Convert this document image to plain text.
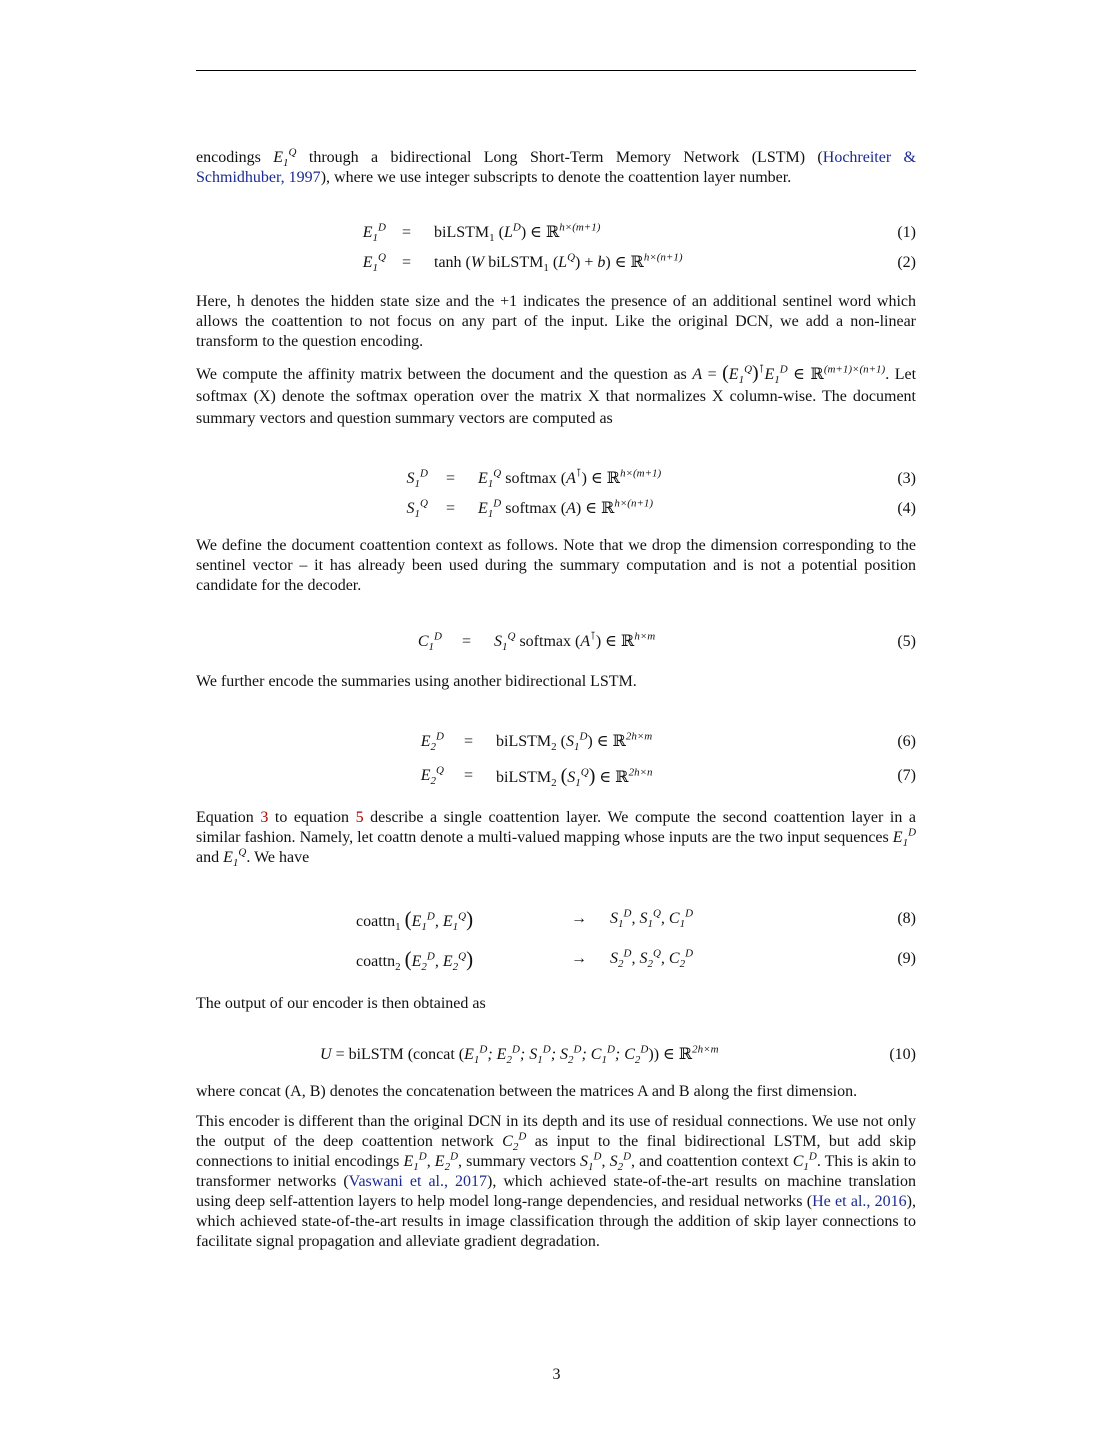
encodings $E_1^Q$ through a bidirectional Long Short-Term Memory Network (LSTM) (Hochreiter & Schmidhuber, 1997), where we use integer subscripts to denote the coattention layer number.

$E_1^D$ = biLSTM$_1$ $(L^D)$ ∈ ℝ$^{h\times(m+1)}$	(1)
$E_1^Q = \tanh (W$ biLSTM$_1$ $(L^Q) + b$) ∈ ℝ$^{h\times(n+1)}$	(2)

Here, h denotes the hidden state size and the +1 indicates the presence of an additional sentinel word which allows the coattention to not focus on any part of the input. Like the original DCN, we add a non-linear transform to the question encoding.

We compute the affinity matrix between the document and the question as $A = (E_1^Q)^⊺E_1^D$ ∈ ℝ$^{(m+1)\times(n+1)}$. Let softmax (X) denote the softmax operation over the matrix X that normalizes X column-wise. The document summary vectors and question summary vectors are computed as

$S_1^D = E_1^Q$ softmax (A⊺) ∈ ℝ$^{h\times(m+1)}$	(3)
$S_1^Q = E_1^D$ softmax (A) ∈ ℝ$^{h\times(n+1)}$	(4)

We define the document coattention context as follows. Note that we drop the dimension corresponding to the sentinel vector – it has already been used during the summary computation and is not a potential position candidate for the decoder.

$C_1^D = S_1^Q$ softmax (A⊺) ∈ ℝ$^{h\times m}$	(5)

We further encode the summaries using another bidirectional LSTM.

$E_2^D$ = biLSTM$_2$ $(S_1^D)$ ∈ ℝ$^{2h\times m}$	(6)
$E_2^Q$ = biLSTM$_2$ $(S_1^Q)$ ∈ ℝ$^{2h\times n}$	(7)

Equation 3 to equation 5 describe a single coattention layer. We compute the second coattention layer in a similar fashion. Namely, let coattn denote a multi-valued mapping whose inputs are the two input sequences $E_1^D$ and $E_1^Q$. We have

coattn$_1$ ($E_1^D$, $E_1^Q$)	→ $S_1^D$, $S_1^Q$, $C_1^D$	(8)
coattn$_2$ ($E_2^D$, $E_2^Q$)	→ $S_2^D$, $S_2^Q$, $C_2^D$	(9)

The output of our encoder is then obtained as

U = biLSTM (concat ($E_1^D$; $E_2^D$; $S_1^D$; $S_2^D$; $C_1^D$; $C_2^D$)) ∈ ℝ$^{2h\times m}$	(10)

where concat (A, B) denotes the concatenation between the matrices A and B along the first dimension.

This encoder is different than the original DCN in its depth and its use of residual connections. We use not only the output of the deep coattention network $C_2^D$ as input to the final bidirectional LSTM, but add skip connections to initial encodings $E_1^D$, $E_2^D$, summary vectors $S_1^D$, $S_2^D$, and coattention context $C_1^D$. This is akin to transformer networks (Vaswani et al., 2017), which achieved state-of-the-art results on machine translation using deep self-attention layers to help model long-range dependencies, and residual networks (He et al., 2016), which achieved state-of-the-art results in image classification through the addition of skip layer connections to facilitate signal propagation and alleviate gradient degradation.

3
